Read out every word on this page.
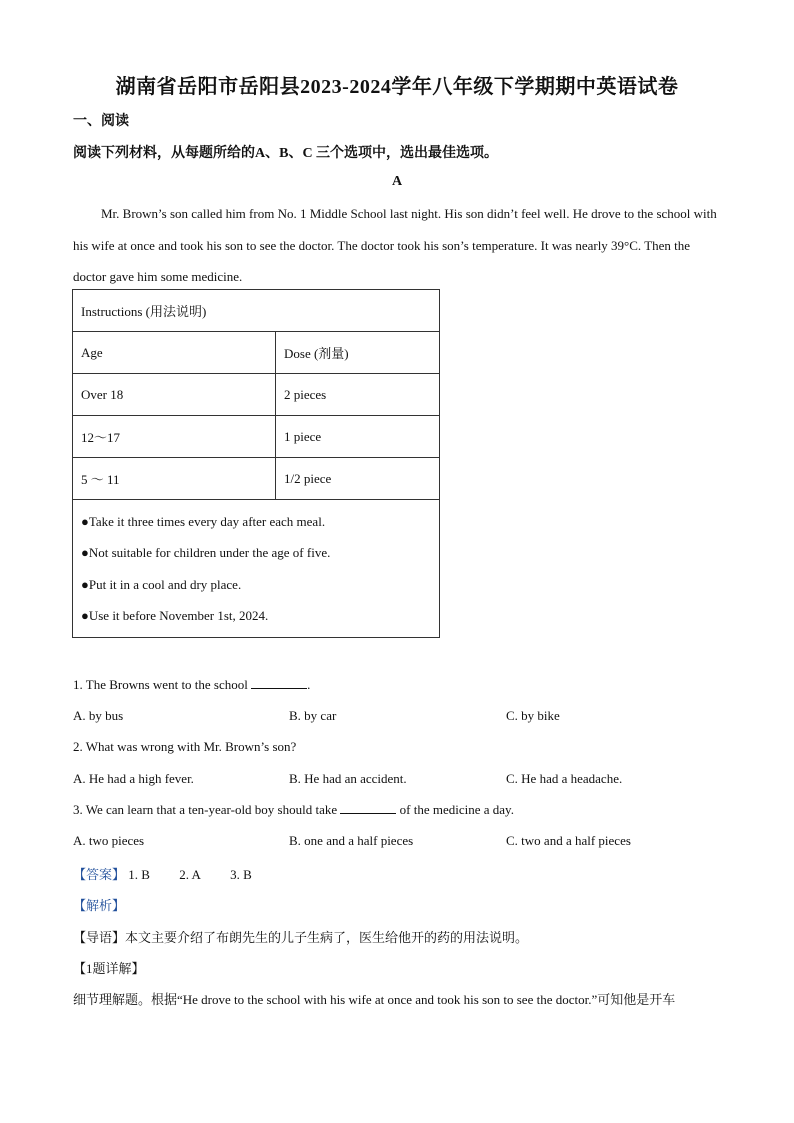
湖南省岳阳市岳阳县2023-2024学年八年级下学期期中英语试卷
一、阅读
阅读下列材料，从每题所给的A、B、C 三个选项中，选出最佳选项。
A
Mr. Brown’s son called him from No. 1 Middle School last night. His son didn’t feel well. He drove to the school with his wife at once and took his son to see the doctor. The doctor took his son’s temperature. It was nearly 39°C. Then the doctor gave him some medicine.
Instructions (用法说明)	
Age	Dose (剂量)
Over 18	2 pieces
12～17	1 piece
5 ～ 11	1/2 piece

●Take it three times every day after each meal.
●Not suitable for children under the age of five.
●Put it in a cool and dry place.
●Use it before November 1st, 2024.	
1. The Browns went to the school	.
A. by bus	B. by car	C. by bike
2. What was wrong with Mr. Brown’s son?
A. He had a high fever.	B. He had an accident.	C. He had a headache.
3. We can learn that a ten-year-old boy should take	of the medicine a day.
A. two pieces	B. one and a half pieces	C. two and a half pieces
【答案】 1. B 2. A 3. B
【解析】
【导语】本文主要介绍了布朗先生的儿子生病了，医生给他开的药的用法说明。
【1题详解】
细节理解题。根据“He drove to the school with his wife at once and took his son to see the doctor.”可知他是开车
